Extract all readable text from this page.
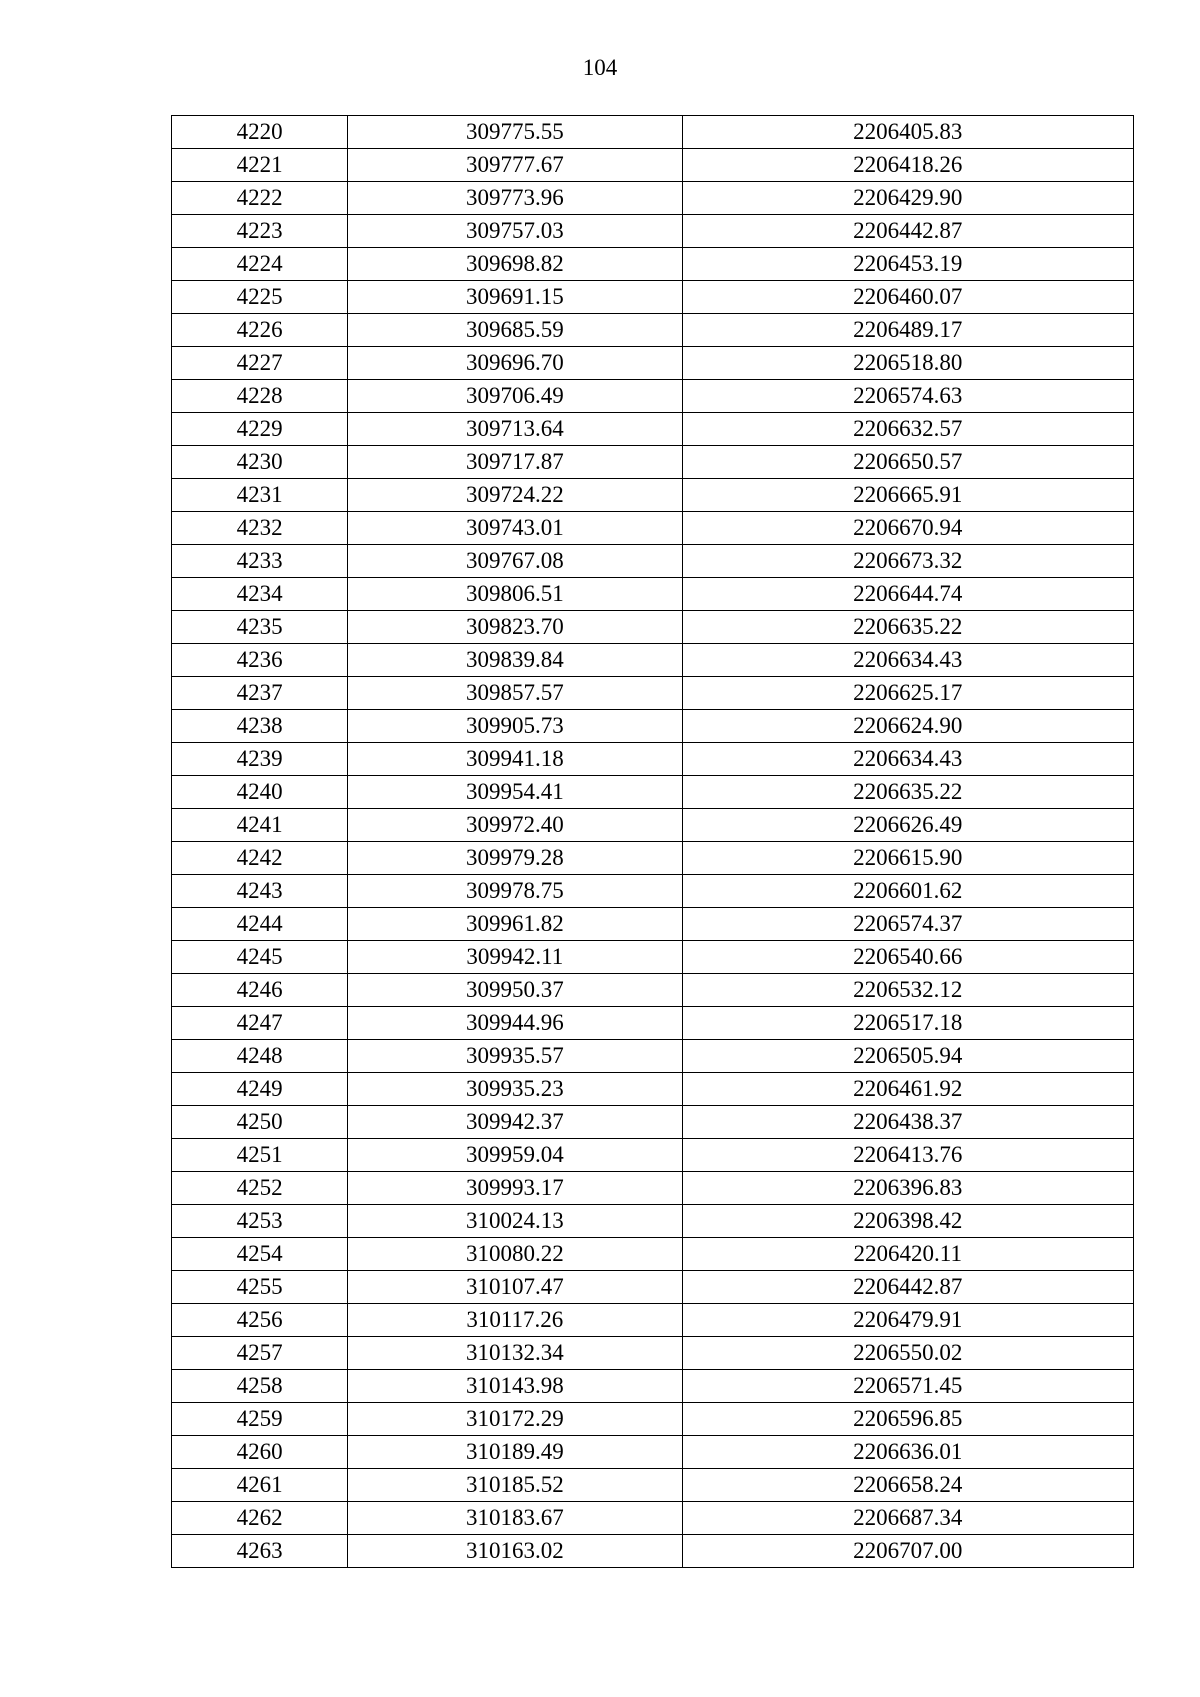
104
4220	309775.55	2206405.83
4221	309777.67	2206418.26
4222	309773.96	2206429.90
4223	309757.03	2206442.87
4224	309698.82	2206453.19
4225	309691.15	2206460.07
4226	309685.59	2206489.17
4227	309696.70	2206518.80
4228	309706.49	2206574.63
4229	309713.64	2206632.57
4230	309717.87	2206650.57
4231	309724.22	2206665.91
4232	309743.01	2206670.94
4233	309767.08	2206673.32
4234	309806.51	2206644.74
4235	309823.70	2206635.22
4236	309839.84	2206634.43
4237	309857.57	2206625.17
4238	309905.73	2206624.90
4239	309941.18	2206634.43
4240	309954.41	2206635.22
4241	309972.40	2206626.49
4242	309979.28	2206615.90
4243	309978.75	2206601.62
4244	309961.82	2206574.37
4245	309942.11	2206540.66
4246	309950.37	2206532.12
4247	309944.96	2206517.18
4248	309935.57	2206505.94
4249	309935.23	2206461.92
4250	309942.37	2206438.37
4251	309959.04	2206413.76
4252	309993.17	2206396.83
4253	310024.13	2206398.42
4254	310080.22	2206420.11
4255	310107.47	2206442.87
4256	310117.26	2206479.91
4257	310132.34	2206550.02
4258	310143.98	2206571.45
4259	310172.29	2206596.85
4260	310189.49	2206636.01
4261	310185.52	2206658.24
4262	310183.67	2206687.34
4263	310163.02	2206707.00
